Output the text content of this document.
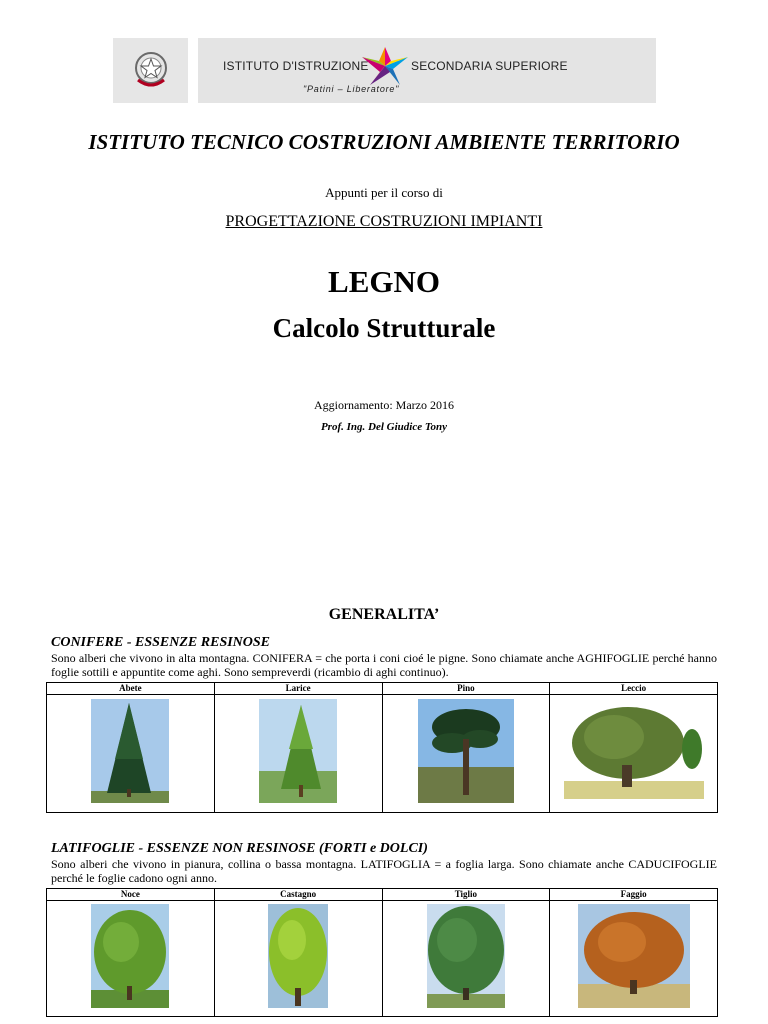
ISTITUTO D'ISTRUZIONE	SECONDARIA SUPERIORE
"Patini – Liberatore"
ISTITUTO TECNICO COSTRUZIONI AMBIENTE TERRITORIO
Appunti per il corso di
PROGETTAZIONE COSTRUZIONI IMPIANTI
LEGNO
Calcolo Strutturale
Aggiornamento: Marzo 2016
Prof. Ing. Del Giudice Tony
GENERALITA’
CONIFERE - ESSENZE RESINOSE

Sono alberi che vivono in alta montagna. CONIFERA = che porta i coni cioé le pigne. Sono chiamate anche AGHIFOGLIE perché hanno foglie sottili e appuntite come aghi. Sono sempreverdi (ricambio di aghi continuo).

Abete	Larice	Pino	Leccio

LATIFOGLIE - ESSENZE NON RESINOSE (FORTI e DOLCI)

Sono alberi che vivono in pianura, collina o bassa montagna. LATIFOGLIA = a foglia larga. Sono chiamate anche CADUCIFOGLIE perché le foglie cadono ogni anno.

Noce	Castagno	Tiglio	Faggio
